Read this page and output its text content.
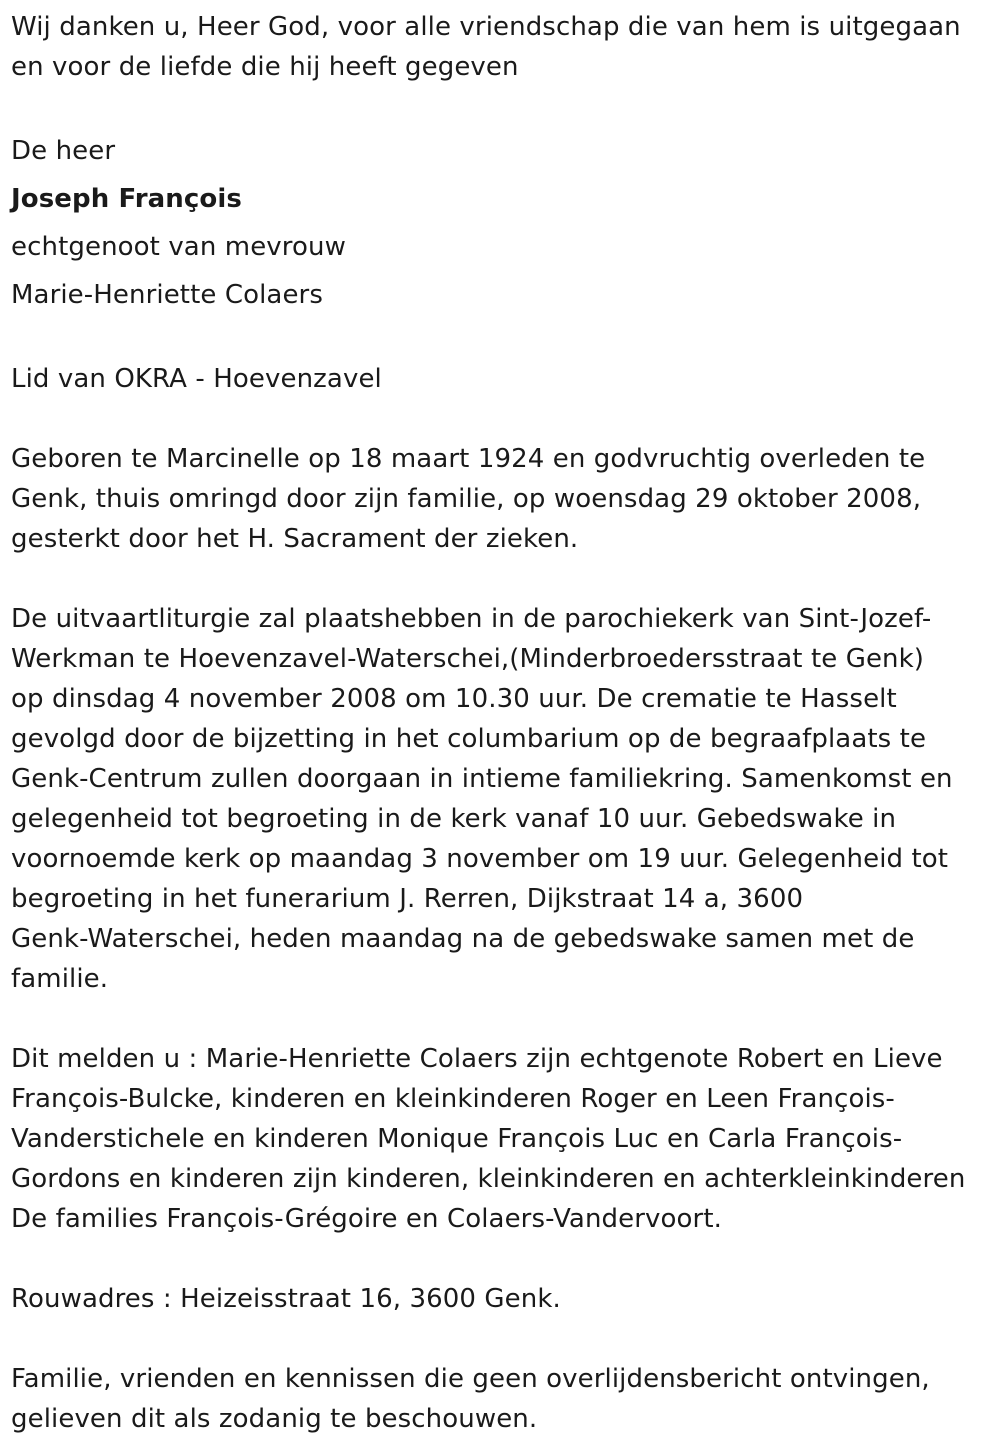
Wij danken u, Heer God, voor alle vriendschap die van hem is uitgegaan
en voor de liefde die hij heeft gegeven

De heer

Joseph François

echtgenoot van mevrouw

Marie-Henriette Colaers

Lid van OKRA - Hoevenzavel

Geboren te Marcinelle op 18 maart 1924 en godvruchtig overleden te
Genk, thuis omringd door zijn familie, op woensdag 29 oktober 2008,
gesterkt door het H. Sacrament der zieken.

De uitvaartliturgie zal plaatshebben in de parochiekerk van Sint-Jozef-
Werkman te Hoevenzavel-Waterschei,(Minderbroedersstraat te Genk)
op dinsdag 4 november 2008 om 10.30 uur. De crematie te Hasselt
gevolgd door de bijzetting in het columbarium op de begraafplaats te
Genk-Centrum zullen doorgaan in intieme familiekring. Samenkomst en
gelegenheid tot begroeting in de kerk vanaf 10 uur. Gebedswake in
voornoemde kerk op maandag 3 november om 19 uur. Gelegenheid tot
begroeting in het funerarium J. Rerren, Dijkstraat 14 a, 3600
Genk-Waterschei, heden maandag na de gebedswake samen met de
familie.

Dit melden u : Marie-Henriette Colaers zijn echtgenote Robert en Lieve
François-Bulcke, kinderen en kleinkinderen Roger en Leen François-
Vanderstichele en kinderen Monique François Luc en Carla François-
Gordons en kinderen zijn kinderen, kleinkinderen en achterkleinkinderen
De families François-Grégoire en Colaers-Vandervoort.

Rouwadres : Heizeisstraat 16, 3600 Genk.

Familie, vrienden en kennissen die geen overlijdensbericht ontvingen,
gelieven dit als zodanig te beschouwen.
